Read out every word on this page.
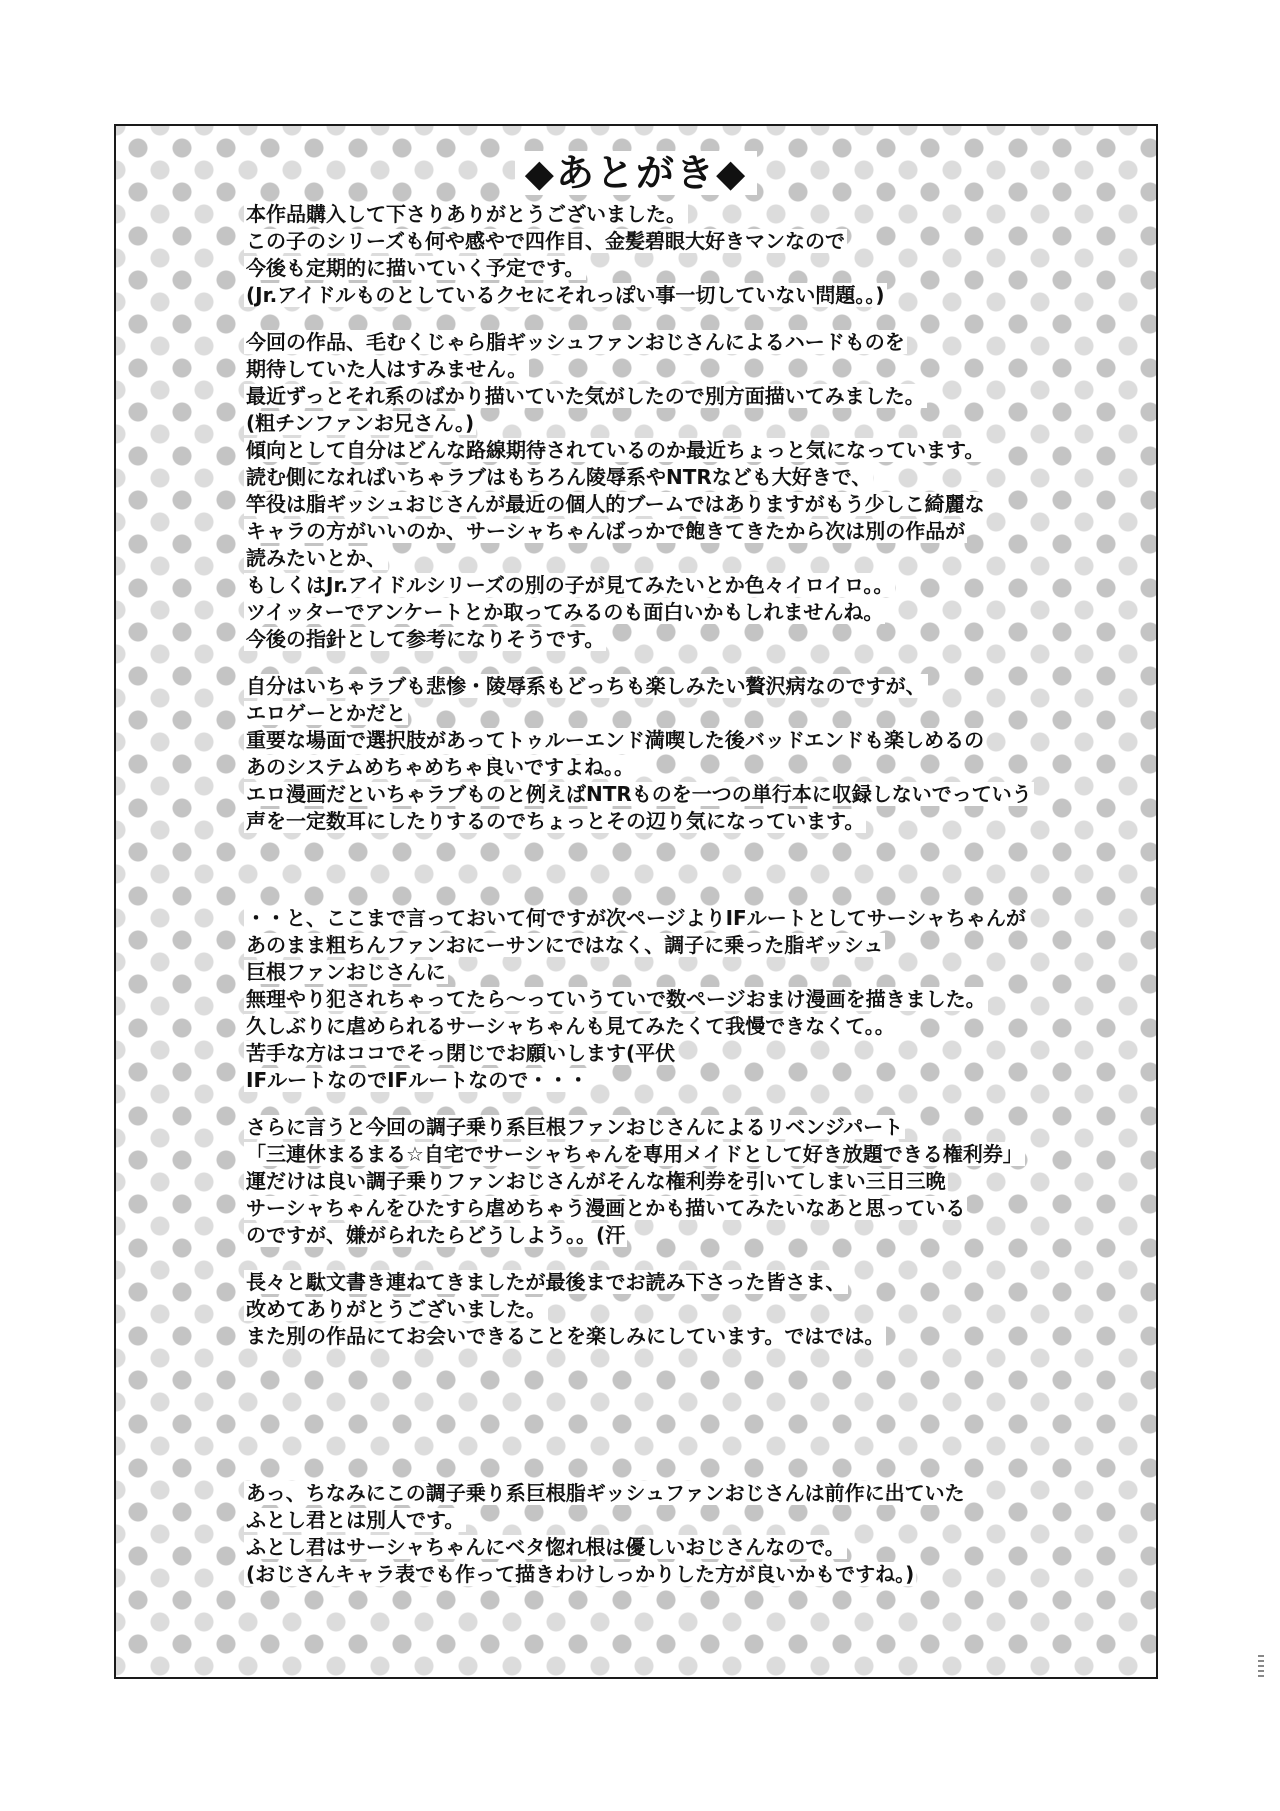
◆あとがき◆
本作品購入して下さりありがとうございました。
この子のシリーズも何や感やで四作目、金髪碧眼大好きマンなので
今後も定期的に描いていく予定です。
(Jr.アイドルものとしているクセにそれっぽい事一切していない問題。。)
今回の作品、毛むくじゃら脂ギッシュファンおじさんによるハードものを
期待していた人はすみません。
最近ずっとそれ系のばかり描いていた気がしたので別方面描いてみました。
(粗チンファンお兄さん。)
傾向として自分はどんな路線期待されているのか最近ちょっと気になっています。
読む側になればいちゃラブはもちろん陵辱系やNTRなども大好きで、
竿役は脂ギッシュおじさんが最近の個人的ブームではありますがもう少しこ綺麗な
キャラの方がいいのか、サーシャちゃんばっかで飽きてきたから次は別の作品が
読みたいとか、
もしくはJr.アイドルシリーズの別の子が見てみたいとか色々イロイロ。。
ツイッターでアンケートとか取ってみるのも面白いかもしれませんね。
今後の指針として参考になりそうです。
自分はいちゃラブも悲惨・陵辱系もどっちも楽しみたい贅沢病なのですが、
エロゲーとかだと
重要な場面で選択肢があってトゥルーエンド満喫した後バッドエンドも楽しめるの
あのシステムめちゃめちゃ良いですよね。。
エロ漫画だといちゃラブものと例えばNTRものを一つの単行本に収録しないでっていう
声を一定数耳にしたりするのでちょっとその辺り気になっています。
・・と、ここまで言っておいて何ですが次ページよりIFルートとしてサーシャちゃんが
あのまま粗ちんファンおにーサンにではなく、調子に乗った脂ギッシュ
巨根ファンおじさんに
無理やり犯されちゃってたら〜っていうていで数ページおまけ漫画を描きました。
久しぶりに虐められるサーシャちゃんも見てみたくて我慢できなくて。。
苦手な方はココでそっ閉じでお願いします(平伏
IFルートなのでIFルートなので・・・
さらに言うと今回の調子乗り系巨根ファンおじさんによるリベンジパート
「三連休まるまる☆自宅でサーシャちゃんを専用メイドとして好き放題できる権利券」
運だけは良い調子乗りファンおじさんがそんな権利券を引いてしまい三日三晩
サーシャちゃんをひたすら虐めちゃう漫画とかも描いてみたいなあと思っている
のですが、嫌がられたらどうしよう。。(汗
長々と駄文書き連ねてきましたが最後までお読み下さった皆さま、
改めてありがとうございました。
また別の作品にてお会いできることを楽しみにしています。ではでは。
あっ、ちなみにこの調子乗り系巨根脂ギッシュファンおじさんは前作に出ていた
ふとし君とは別人です。
ふとし君はサーシャちゃんにベタ惚れ根は優しいおじさんなので。
(おじさんキャラ表でも作って描きわけしっかりした方が良いかもですね。)
